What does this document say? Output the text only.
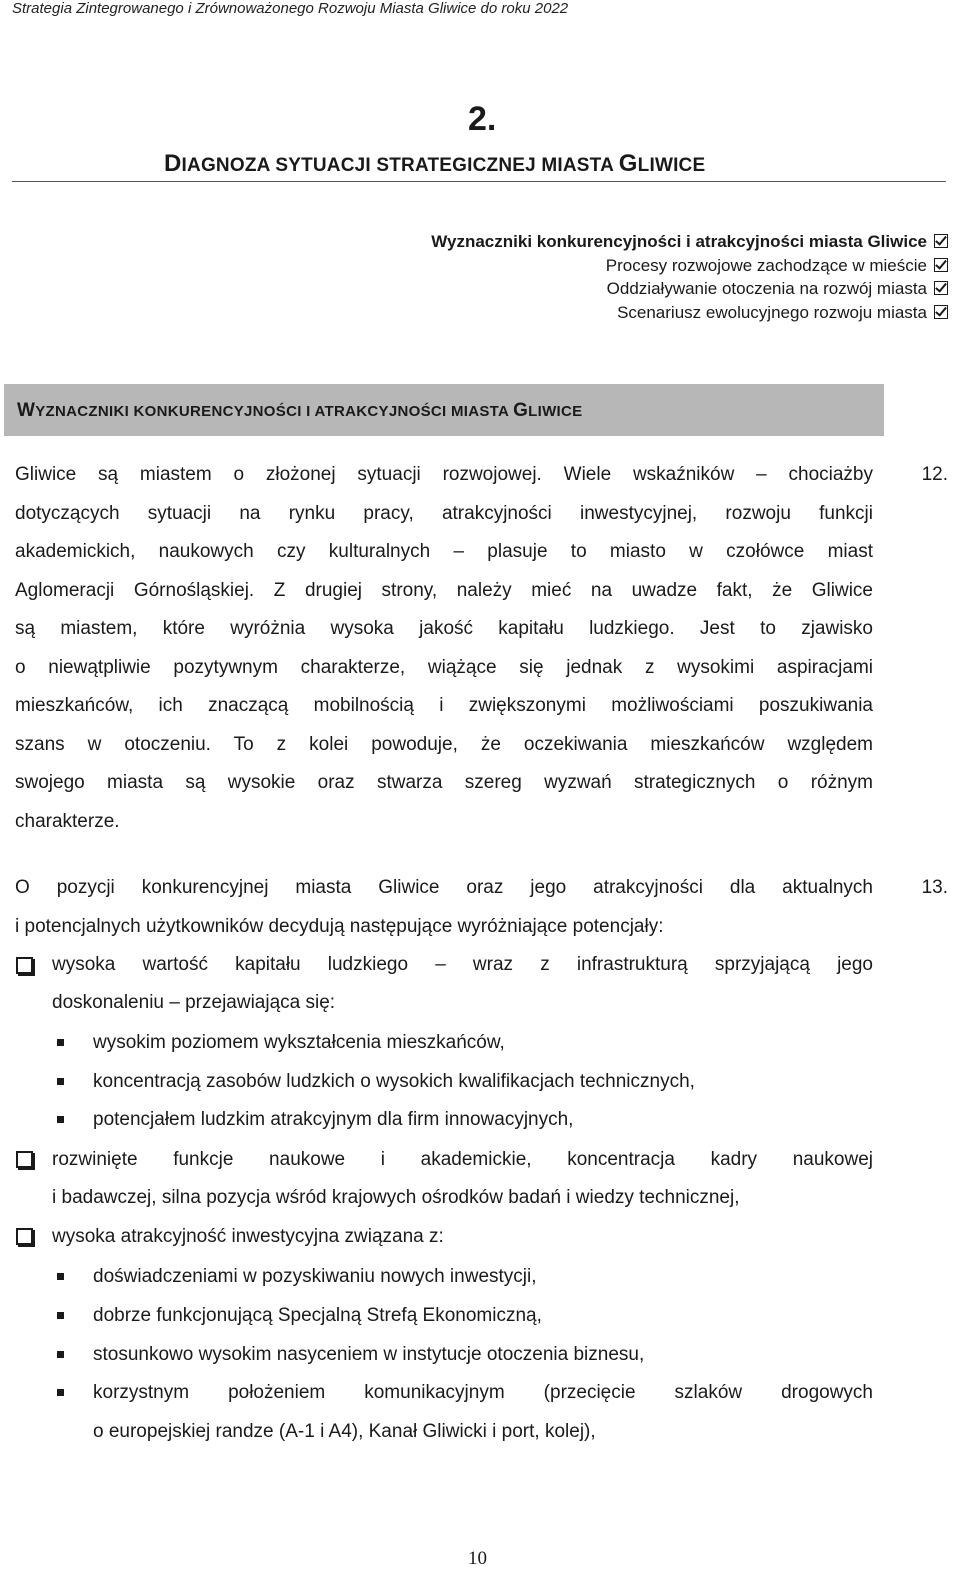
Strategia Zintegrowanego i Zrównoważonego Rozwoju Miasta Gliwice do roku 2022
2.
DIAGNOZA SYTUACJI STRATEGICZNEJ MIASTA GLIWICE
Wyznaczniki konkurencyjności i atrakcyjności miasta Gliwice
Procesy rozwojowe zachodzące w mieście
Oddziaływanie otoczenia na rozwój miasta
Scenariusz ewolucyjnego rozwoju miasta
WYZNACZNIKI KONKURENCYJNOŚCI I ATRAKCYJNOŚCI MIASTA GLIWICE
Gliwice są miastem o złożonej sytuacji rozwojowej. Wiele wskaźników – chociażby
dotyczących sytuacji na rynku pracy, atrakcyjności inwestycyjnej, rozwoju funkcji
akademickich, naukowych czy kulturalnych – plasuje to miasto w czołówce miast
Aglomeracji Górnośląskiej. Z drugiej strony, należy mieć na uwadze fakt, że Gliwice
są miastem, które wyróżnia wysoka jakość kapitału ludzkiego. Jest to zjawisko
o niewątpliwie pozytywnym charakterze, wiążące się jednak z wysokimi aspiracjami
mieszkańców, ich znaczącą mobilnością i zwiększonymi możliwościami poszukiwania
szans w otoczeniu. To z kolei powoduje, że oczekiwania mieszkańców względem
swojego miasta są wysokie oraz stwarza szereg wyzwań strategicznych o różnym
charakterze.
12.
O pozycji konkurencyjnej miasta Gliwice oraz jego atrakcyjności dla aktualnych
i potencjalnych użytkowników decydują następujące wyróżniające potencjały:
13.
wysoka wartość kapitału ludzkiego – wraz z infrastrukturą sprzyjającą jego
doskonaleniu – przejawiająca się:
wysokim poziomem wykształcenia mieszkańców,
koncentracją zasobów ludzkich o wysokich kwalifikacjach technicznych,
potencjałem ludzkim atrakcyjnym dla firm innowacyjnych,
rozwinięte funkcje naukowe i akademickie, koncentracja kadry naukowej
i badawczej, silna pozycja wśród krajowych ośrodków badań i wiedzy technicznej,
wysoka atrakcyjność inwestycyjna związana z:
doświadczeniami w pozyskiwaniu nowych inwestycji,
dobrze funkcjonującą Specjalną Strefą Ekonomiczną,
stosunkowo wysokim nasyceniem w instytucje otoczenia biznesu,
korzystnym położeniem komunikacyjnym (przecięcie szlaków drogowych
o europejskiej randze (A-1 i A4), Kanał Gliwicki i port, kolej),
10
